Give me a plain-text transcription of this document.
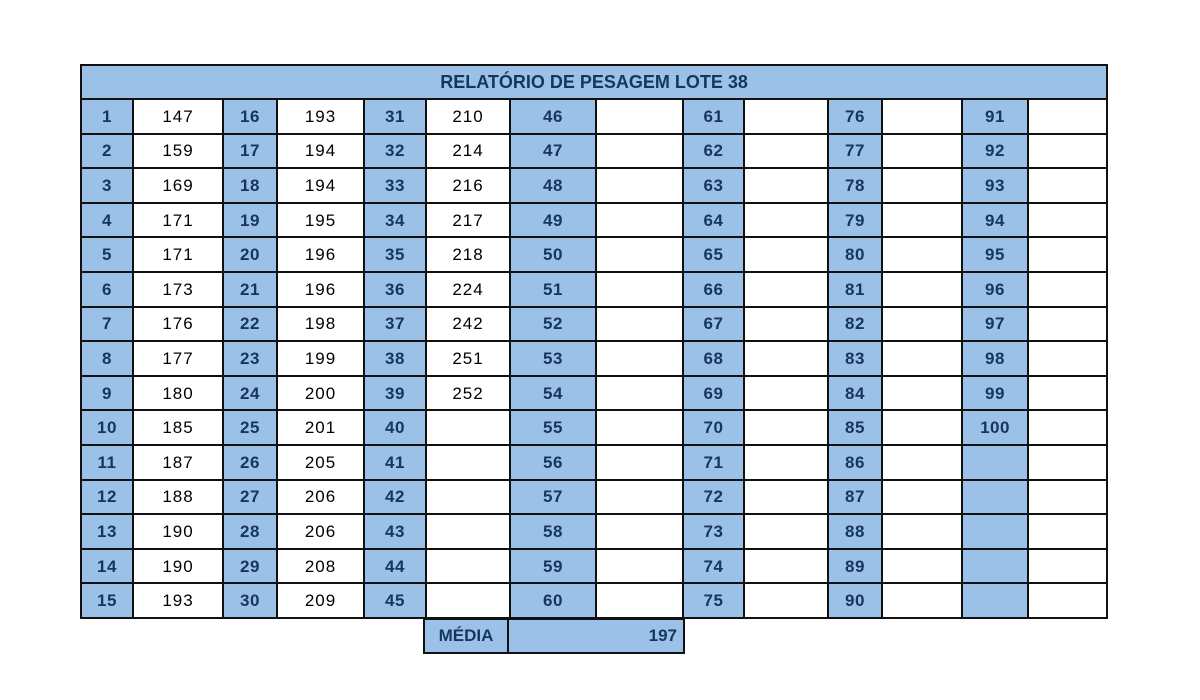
RELATÓRIO DE PESAGEM LOTE 38													
1	147	16	193	31	210	46		61		76		91	
2	159	17	194	32	214	47		62		77		92	
3	169	18	194	33	216	48		63		78		93	
4	171	19	195	34	217	49		64		79		94	
5	171	20	196	35	218	50		65		80		95	
6	173	21	196	36	224	51		66		81		96	
7	176	22	198	37	242	52		67		82		97	
8	177	23	199	38	251	53		68		83		98	
9	180	24	200	39	252	54		69		84		99	
10	185	25	201	40		55		70		85		100	
11	187	26	205	41		56		71		86			
12	188	27	206	42		57		72		87			
13	190	28	206	43		58		73		88			
14	190	29	208	44		59		74		89			
15	193	30	209	45		60		75		90			
MÉDIA	197
